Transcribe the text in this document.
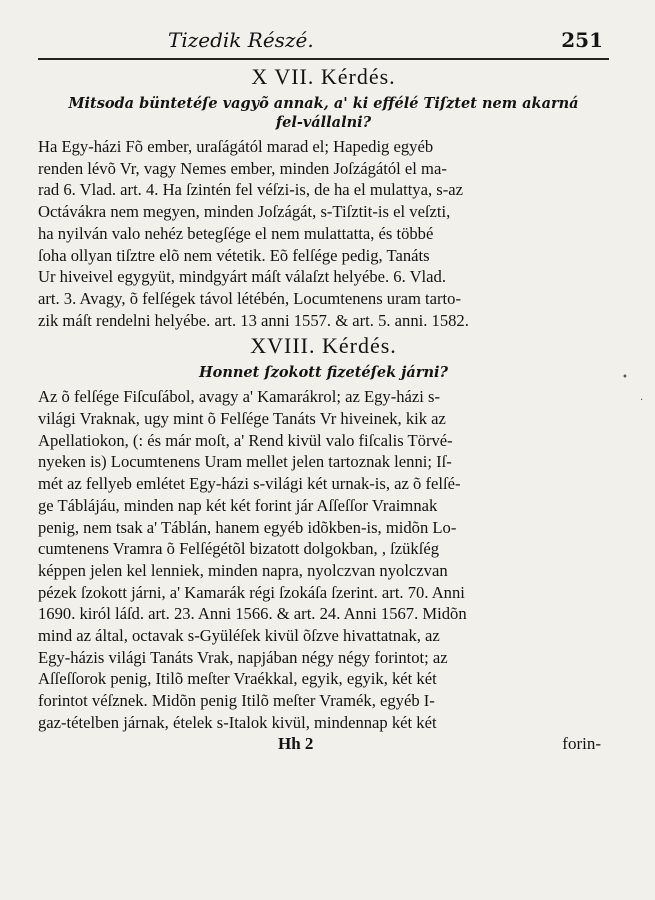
Tizedik Részé.	251
X VII. Kérdés.
Mitsoda büntetéſe vagyõ annak, a' ki effélé Tiſztet nem akarná fel-vállalni?

Ha Egy-házi Fõ ember, uraſágától marad el; Hapedig egyéb

renden lévõ Vr, vagy Nemes ember, minden Joſzágától el ma-

rad 6. Vlad. art. 4. Ha ſzintén fel véſzi-is, de ha el mulattya, s-az

Octávákra nem megyen, minden Joſzágát, s-Tiſztit-is el veſzti,

ha nyilván valo nehéz betegſége el nem mulattatta, és többé

ſoha ollyan tiſztre elõ nem vétetik. Eõ felſége pedig, Tanáts

Ur hiveivel egygyüt, mindgyárt máſt válaſzt helyébe. 6. Vlad.

art. 3. Avagy, õ felſégek távol létébén, Locumtenens uram tarto-

zik máſt rendelni helyébe. art. 13 anni 1557. & art. 5. anni. 1582.

XVIII. Kérdés.
Honnet ſzokott fizetéſek járni?

Az õ felſége Fiſcuſábol, avagy a' Kamarákrol; az Egy-házi s-

világi Vraknak, ugy mint õ Felſége Tanáts Vr hiveinek, kik az

Apellatiokon, (: és már moſt, a' Rend kivül valo fiſcalis Törvé-

nyeken is) Locumtenens Uram mellet jelen tartoznak lenni; Iſ-

mét az fellyeb emlétet Egy-házi s-világi két urnak-is, az õ felſé-

ge Táblájáu, minden nap két két forint jár Aſſeſſor Vraimnak

penig, nem tsak a' Táblán, hanem egyéb idõkben-is, midõn Lo-

cumtenens Vramra õ Felſégétõl bizatott dolgokban, , ſzükſég

képpen jelen kel lenniek, minden napra, nyolczvan nyolczvan

pézek ſzokott járni, a' Kamarák régi ſzokáſa ſzerint. art. 70. Anni

1690. kiról láſd. art. 23. Anni 1566. & art. 24. Anni 1567. Midõn

mind az által, octavak s-Gyüléſek kivül õſzve hivattatnak, az

Egy-házis világi Tanáts Vrak, napjában négy négy forintot; az

Aſſeſſorok penig, Itilõ meſter Vraékkal, egyik, egyik, két két

forintot véſznek. Midõn penig Itilõ meſter Vramék, egyéb I-

gaz-tételben járnak, ételek s-Italok kivül, mindennap két két

Hh 2	forin-
•
·
